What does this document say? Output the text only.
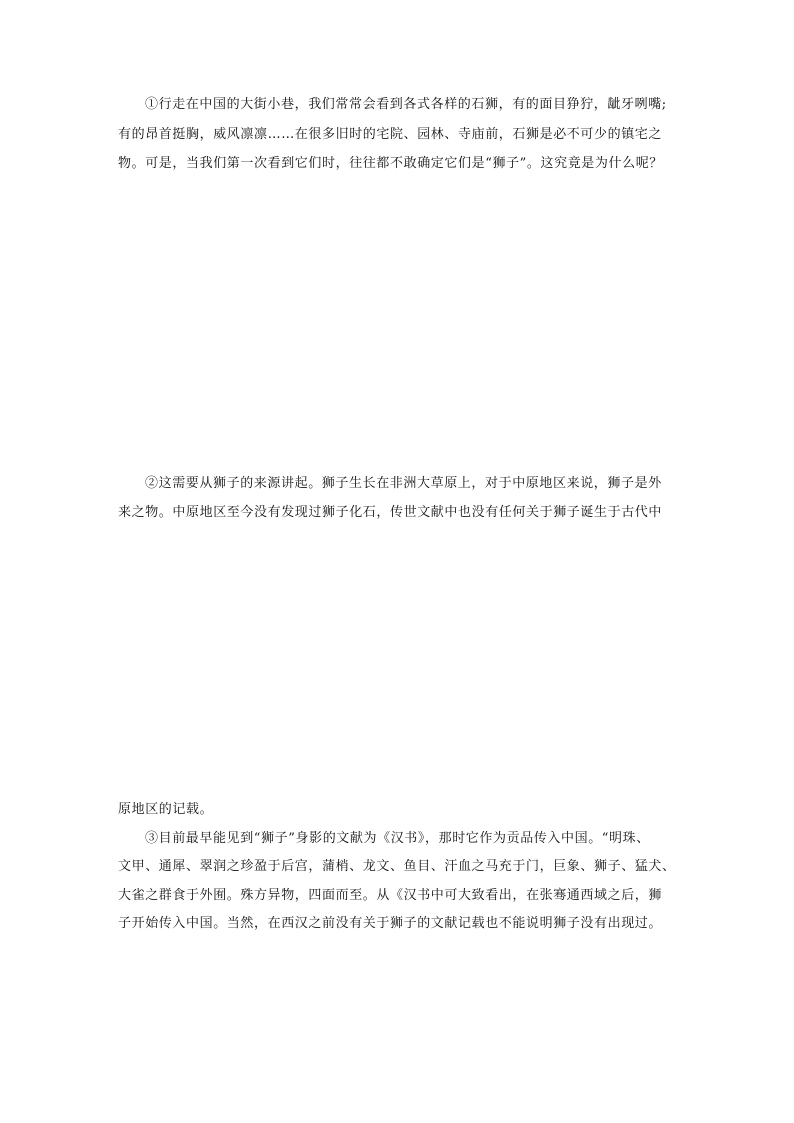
①行走在中国的大街小巷，我们常常会看到各式各样的石狮，有的面目狰狞，龇牙咧嘴;
有的昂首挺胸，威风凛凛……在很多旧时的宅院、园林、寺庙前，石狮是必不可少的镇宅之
物。可是，当我们第一次看到它们时，往往都不敢确定它们是“狮子”。这究竟是为什么呢？
②这需要从狮子的来源讲起。狮子生长在非洲大草原上，对于中原地区来说，狮子是外
来之物。中原地区至今没有发现过狮子化石，传世文献中也没有任何关于狮子诞生于古代中
原地区的记载。
③目前最早能见到“狮子”身影的文献为《汉书》，那时它作为贡品传入中国。“明珠、
文甲、通犀、翠润之珍盈于后宫，蒲梢、龙文、鱼目、汗血之马充于门，巨象、狮子、猛犬、
大雀之群食于外囿。殊方异物，四面而至。从《汉书中可大致看出，在张骞通西域之后，狮
子开始传入中国。当然，在西汉之前没有关于狮子的文献记载也不能说明狮子没有出现过。
